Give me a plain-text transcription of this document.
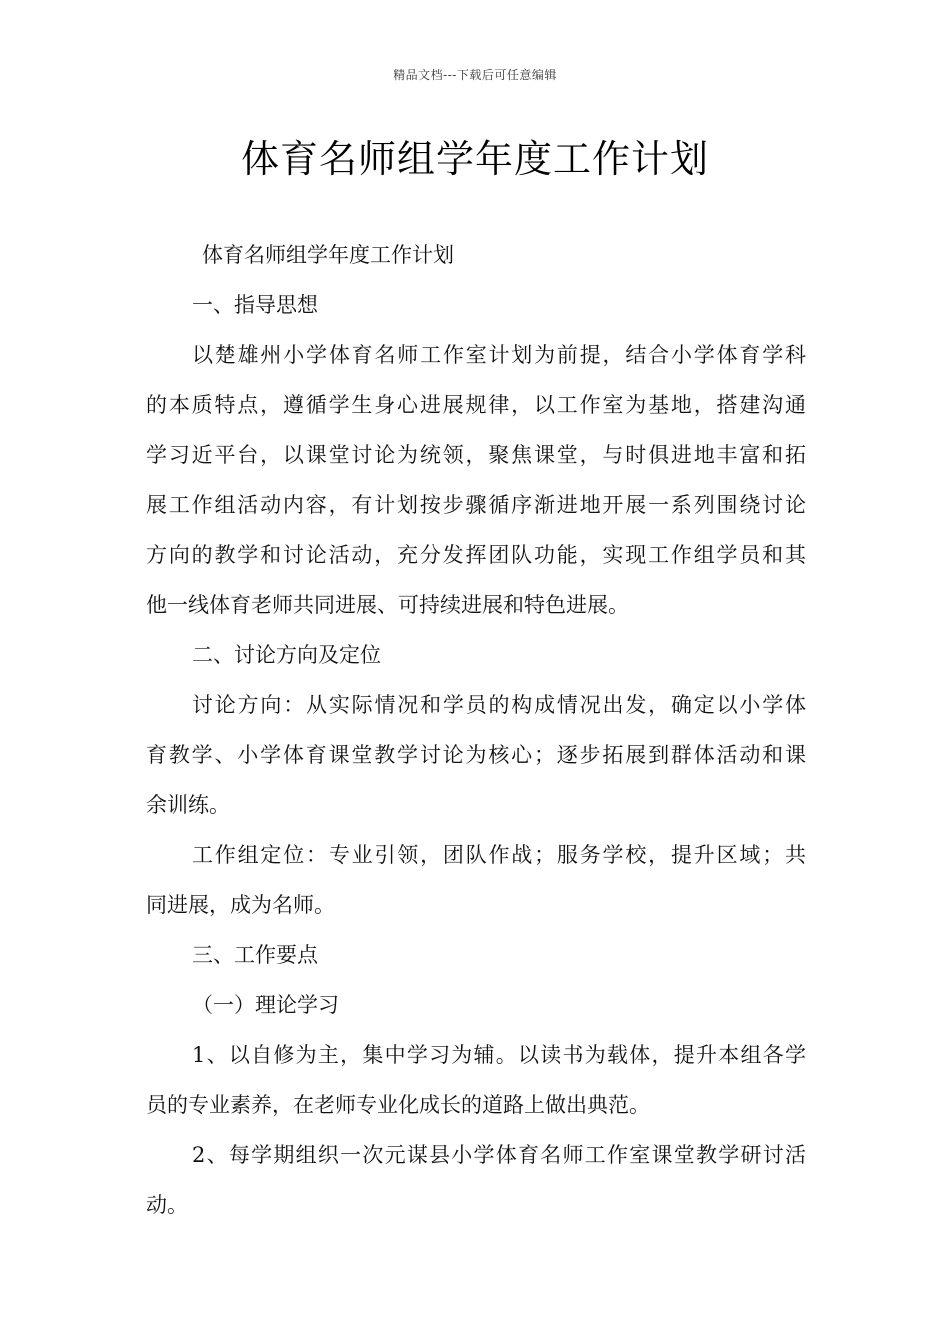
精品文档---下载后可任意编辑
体育名师组学年度工作计划

体育名师组学年度工作计划

一、指导思想

以楚雄州小学体育名师工作室计划为前提，结合小学体育学科

的本质特点，遵循学生身心进展规律，以工作室为基地，搭建沟通

学习近平台，以课堂讨论为统领，聚焦课堂，与时俱进地丰富和拓

展工作组活动内容，有计划按步骤循序渐进地开展一系列围绕讨论

方向的教学和讨论活动，充分发挥团队功能，实现工作组学员和其

他一线体育老师共同进展、可持续进展和特色进展。

二、讨论方向及定位

讨论方向：从实际情况和学员的构成情况出发，确定以小学体

育教学、小学体育课堂教学讨论为核心；逐步拓展到群体活动和课

余训练。

工作组定位：专业引领，团队作战；服务学校，提升区域；共

同进展，成为名师。

三、工作要点

（一）理论学习

1、以自修为主，集中学习为辅。以读书为载体，提升本组各学

员的专业素养，在老师专业化成长的道路上做出典范。

2、每学期组织一次元谋县小学体育名师工作室课堂教学研讨活

动。
